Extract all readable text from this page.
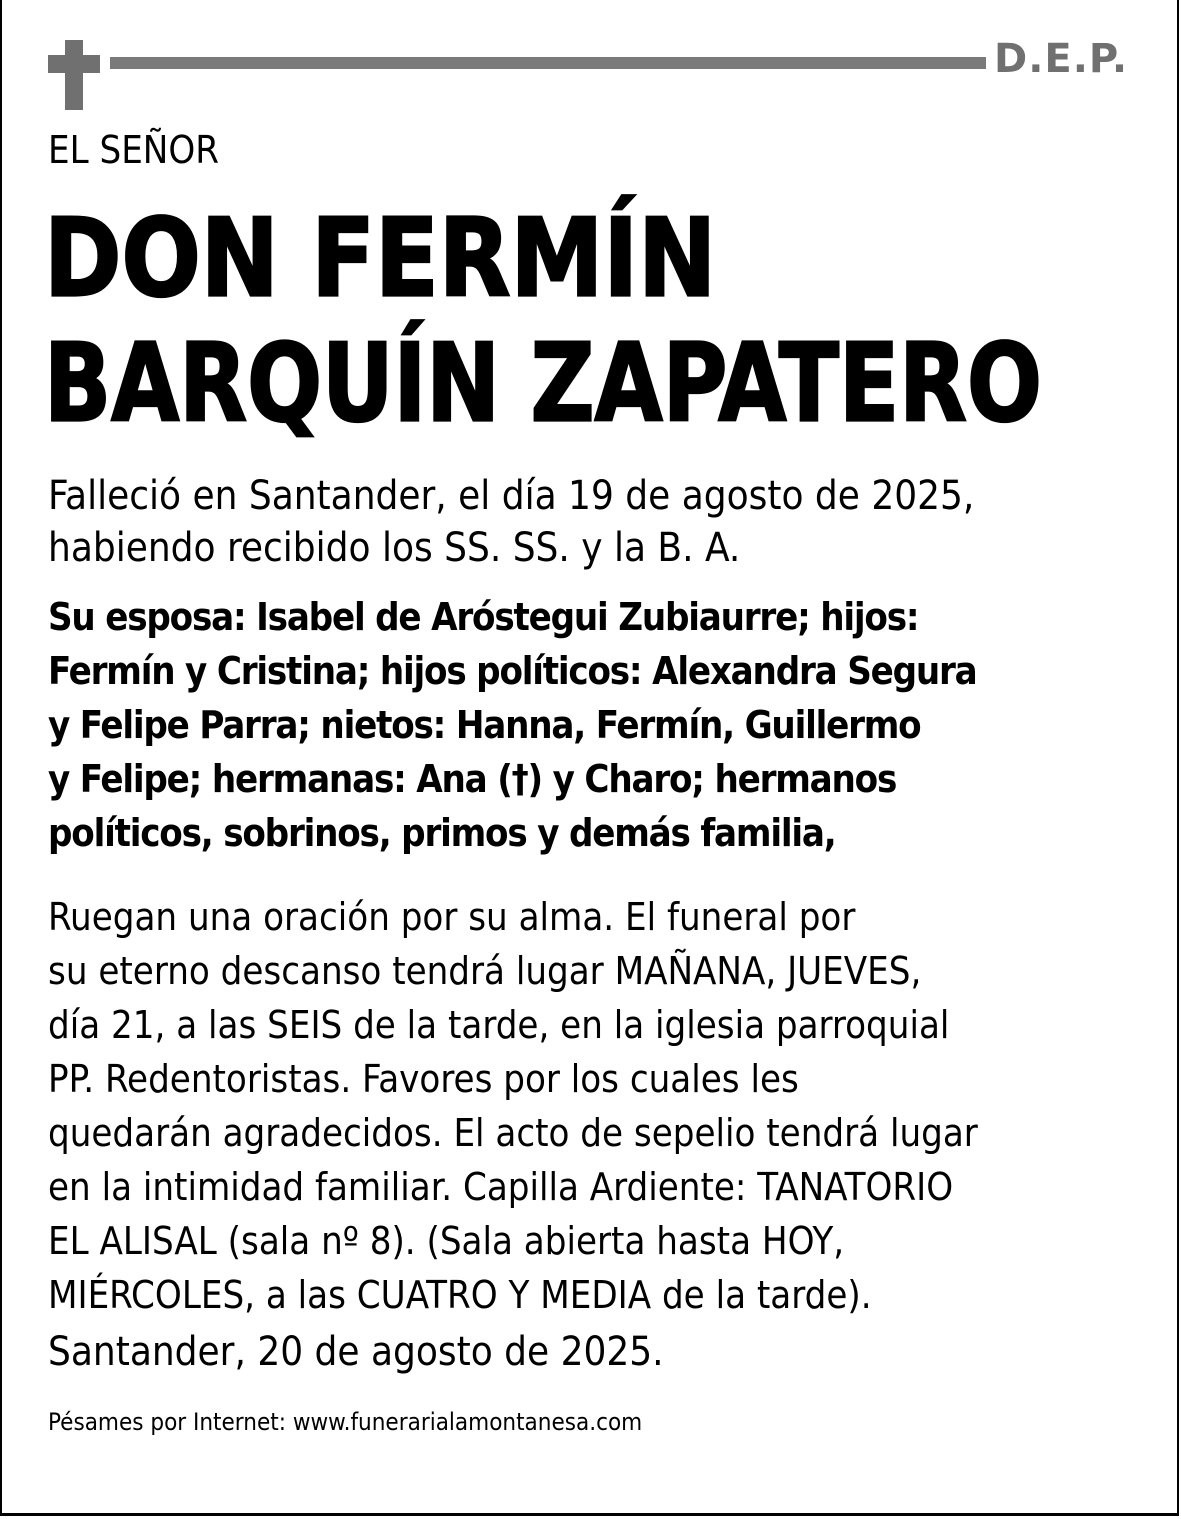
D.E.P.
EL SEÑOR
DON FERMÍN
BARQUÍN ZAPATERO
Falleció en Santander, el día 19 de agosto de 2025,
habiendo recibido los SS. SS. y la B. A.
Su esposa: Isabel de Aróstegui Zubiaurre; hijos:
Fermín y Cristina; hijos políticos: Alexandra Segura
y Felipe Parra; nietos: Hanna, Fermín, Guillermo
y Felipe; hermanas: Ana (†) y Charo; hermanos
políticos, sobrinos, primos y demás familia,
Ruegan una oración por su alma. El funeral por
su eterno descanso tendrá lugar MAÑANA, JUEVES,
día 21, a las SEIS de la tarde, en la iglesia parroquial
PP. Redentoristas. Favores por los cuales les
quedarán agradecidos. El acto de sepelio tendrá lugar
en la intimidad familiar. Capilla Ardiente: TANATORIO
EL ALISAL (sala nº 8). (Sala abierta hasta HOY,
MIÉRCOLES, a las CUATRO Y MEDIA de la tarde).
Santander, 20 de agosto de 2025.
Pésames por Internet: www.funerarialamontanesa.com
